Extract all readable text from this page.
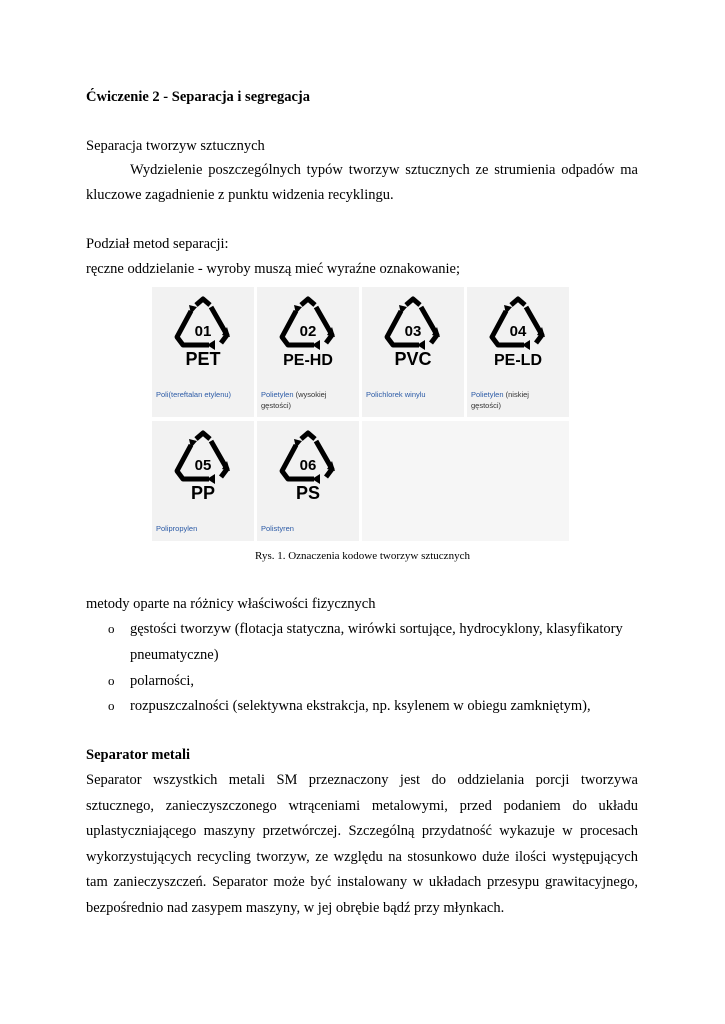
Ćwiczenie 2 - Separacja i segregacja
Separacja tworzyw sztucznych
Wydzielenie poszczególnych typów tworzyw sztucznych ze strumienia odpadów ma
kluczowe zagadnienie z punktu widzenia recyklingu.
Podział metod separacji:
ręczne oddzielanie - wyroby muszą mieć wyraźne oznakowanie;
01
PET
Poli(tereftalan etylenu)
02
PE-HD
Polietylen (wysokiej
gęstości)
03
PVC
Polichlorek winylu
04
PE-LD
Polietylen (niskiej
gęstości)
05
PP
Polipropylen
06
PS
Polistyren
Rys. 1. Oznaczenia kodowe tworzyw sztucznych
metody oparte na różnicy właściwości fizycznych
o gęstości tworzyw (flotacja statyczna, wirówki sortujące, hydrocyklony, klasyfikatory
pneumatyczne)
o polarności,
o rozpuszczalności (selektywna ekstrakcja, np. ksylenem w obiegu zamkniętym),
Separator metali
Separator wszystkich metali SM przeznaczony jest do oddzielania porcji tworzywa
sztucznego, zanieczyszczonego wtrąceniami metalowymi, przed podaniem do układu
uplastyczniającego maszyny przetwórczej. Szczególną przydatność wykazuje w procesach
wykorzystujących recycling tworzyw, ze względu na stosunkowo duże ilości występujących
tam zanieczyszczeń. Separator może być instalowany w układach przesypu grawitacyjnego,
bezpośrednio nad zasypem maszyny, w jej obrębie bądź przy młynkach.
